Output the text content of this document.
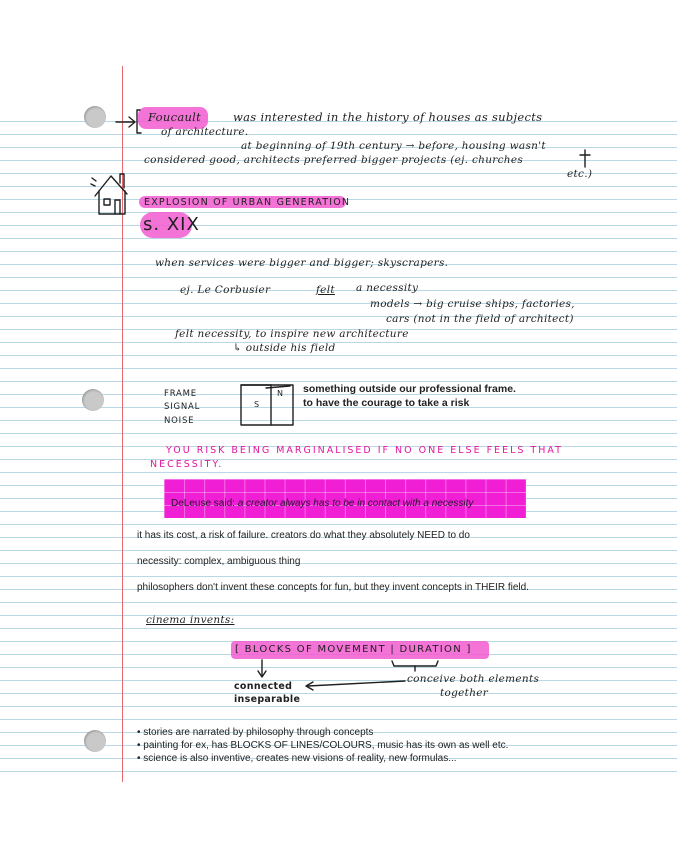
Foucault	was interested in the history of houses as subjects
of architecture.
at beginning of 19th century → before, housing wasn't
considered good, architects preferred bigger projects (ej. churches
etc.)
EXPLOSION OF URBAN GENERATION
s. XIX
when services were bigger and bigger; skyscrapers.
ej. Le Corbusier	felt a necessity
models → big cruise ships, factories,
cars (not in the field of architect)
felt necessity, to inspire new architecture
↳ outside his field
FRAME
SIGNAL
NOISE
S
N something outside our professional frame.
to have the courage to take a risk
YOU RISK BEING MARGINALISED IF NO ONE ELSE FEELS THAT
NECESSITY.
DeLeuse said: a creator always has to be in contact with a necessity
it has its cost, a risk of failure. creators do what they absolutely NEED to do
necessity: complex, ambiguous thing
philosophers don't invent these concepts for fun, but they invent concepts in THEIR field.
cinema invents:
[ BLOCKS OF MOVEMENT | DURATION ]
connected
inseparable
conceive both elements
together
• stories are narrated by philosophy through concepts
• painting for ex, has BLOCKS OF LINES/COLOURS, music has its own as well etc.
• science is also inventive, creates new visions of reality, new formulas...
